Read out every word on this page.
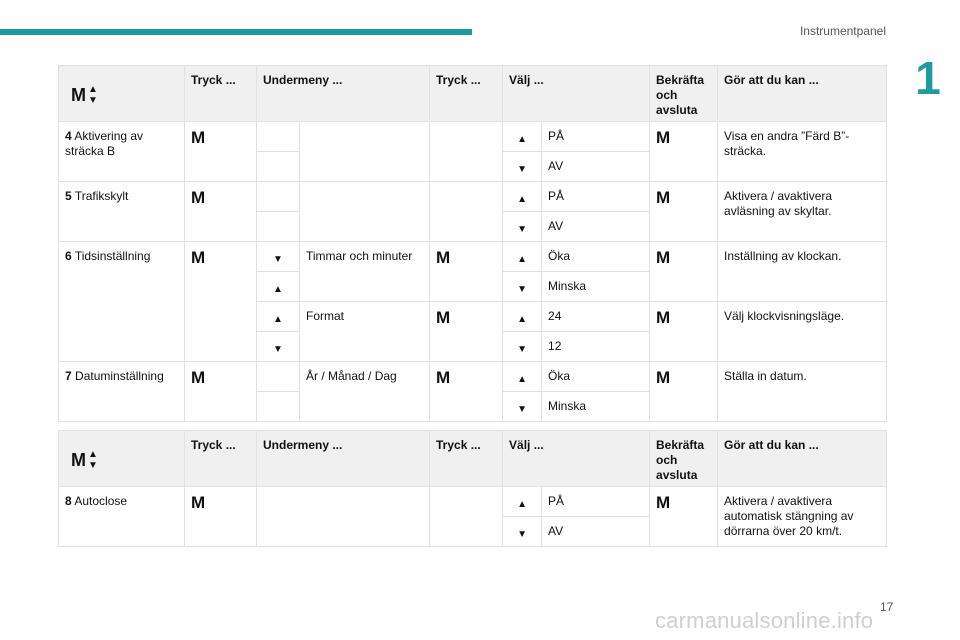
Instrumentpanel
1
M ▲
▼	Tryck ...	Undermeny ...		Tryck ...	Välj ...		Bekräfta och avsluta	Gör att du kan ...
4 Aktivering av sträcka B	M				▲	PÅ	M	Visa en andra ”Färd B”-sträcka.

					▼	AV		
5 Trafikskylt	M				▲	PÅ	M	Aktivera / avaktivera avläsning av skyltar.

					▼	AV		
6 Tidsinställning	M	▼	Timmar och minuter	M	▲	Öka	M	Inställning av klockan.

		▲			▼	Minska		

		▲	Format	M	▲	24	M	Välj klockvisningsläge.

		▼			▼	12		
7 Datuminställning	M		År / Månad / Dag	M	▲	Öka	M	Ställa in datum.

					▼	Minska		
M ▲
▼	Tryck ...	Undermeny ...	Tryck ...	Välj ...		Bekräfta och avsluta	Gör att du kan ...
8 Autoclose	M			▲	PÅ	M	Aktivera / avaktivera automatisk stängning av dörrarna över 20 km/t.

				▼	AV		
17
carmanualsonline.info
